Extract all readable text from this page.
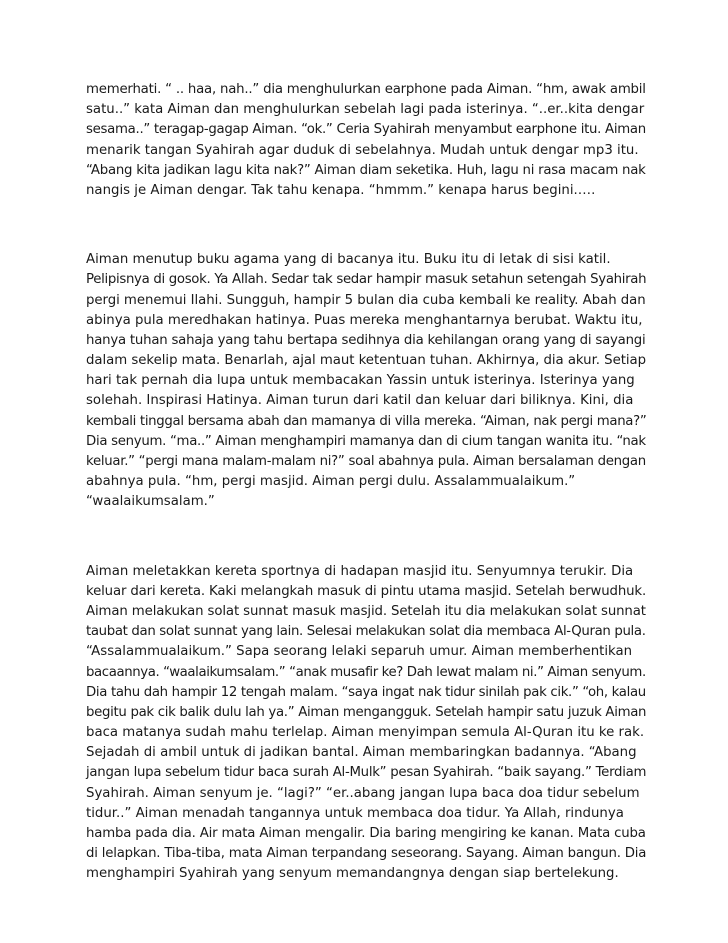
memerhati. “ .. haa, nah..” dia menghulurkan earphone pada Aiman. “hm, awak ambil
satu..” kata Aiman dan menghulurkan sebelah lagi pada isterinya. “..er..kita dengar
sesama..” teragap-gagap Aiman. “ok.” Ceria Syahirah menyambut earphone itu. Aiman
menarik tangan Syahirah agar duduk di sebelahnya. Mudah untuk dengar mp3 itu.
“Abang kita jadikan lagu kita nak?” Aiman diam seketika. Huh, lagu ni rasa macam nak
nangis je Aiman dengar. Tak tahu kenapa. “hmmm.” kenapa harus begini.….
Aiman menutup buku agama yang di bacanya itu. Buku itu di letak di sisi katil.
Pelipisnya di gosok. Ya Allah. Sedar tak sedar hampir masuk setahun setengah Syahirah
pergi menemui Ilahi. Sungguh, hampir 5 bulan dia cuba kembali ke reality. Abah dan
abinya pula meredhakan hatinya. Puas mereka menghantarnya berubat. Waktu itu,
hanya tuhan sahaja yang tahu bertapa sedihnya dia kehilangan orang yang di sayangi
dalam sekelip mata. Benarlah, ajal maut ketentuan tuhan. Akhirnya, dia akur. Setiap
hari tak pernah dia lupa untuk membacakan Yassin untuk isterinya. Isterinya yang
solehah. Inspirasi Hatinya. Aiman turun dari katil dan keluar dari biliknya. Kini, dia
kembali tinggal bersama abah dan mamanya di villa mereka. “Aiman, nak pergi mana?”
Dia senyum. “ma..” Aiman menghampiri mamanya dan di cium tangan wanita itu. “nak
keluar.” “pergi mana malam-malam ni?” soal abahnya pula. Aiman bersalaman dengan
abahnya pula. “hm, pergi masjid. Aiman pergi dulu. Assalammualaikum.”
“waalaikumsalam.”
Aiman meletakkan kereta sportnya di hadapan masjid itu. Senyumnya terukir. Dia
keluar dari kereta. Kaki melangkah masuk di pintu utama masjid. Setelah berwudhuk.
Aiman melakukan solat sunnat masuk masjid. Setelah itu dia melakukan solat sunnat
taubat dan solat sunnat yang lain. Selesai melakukan solat dia membaca Al-Quran pula.
“Assalammualaikum.” Sapa seorang lelaki separuh umur. Aiman memberhentikan
bacaannya. “waalaikumsalam.” “anak musafir ke? Dah lewat malam ni.” Aiman senyum.
Dia tahu dah hampir 12 tengah malam. “saya ingat nak tidur sinilah pak cik.” “oh, kalau
begitu pak cik balik dulu lah ya.” Aiman mengangguk. Setelah hampir satu juzuk Aiman
baca matanya sudah mahu terlelap. Aiman menyimpan semula Al-Quran itu ke rak.
Sejadah di ambil untuk di jadikan bantal. Aiman membaringkan badannya. “Abang
jangan lupa sebelum tidur baca surah Al-Mulk” pesan Syahirah. “baik sayang.” Terdiam
Syahirah. Aiman senyum je. “lagi?” “er..abang jangan lupa baca doa tidur sebelum
tidur..” Aiman menadah tangannya untuk membaca doa tidur. Ya Allah, rindunya
hamba pada dia. Air mata Aiman mengalir. Dia baring mengiring ke kanan. Mata cuba
di lelapkan. Tiba-tiba, mata Aiman terpandang seseorang. Sayang. Aiman bangun. Dia
menghampiri Syahirah yang senyum memandangnya dengan siap bertelekung.
